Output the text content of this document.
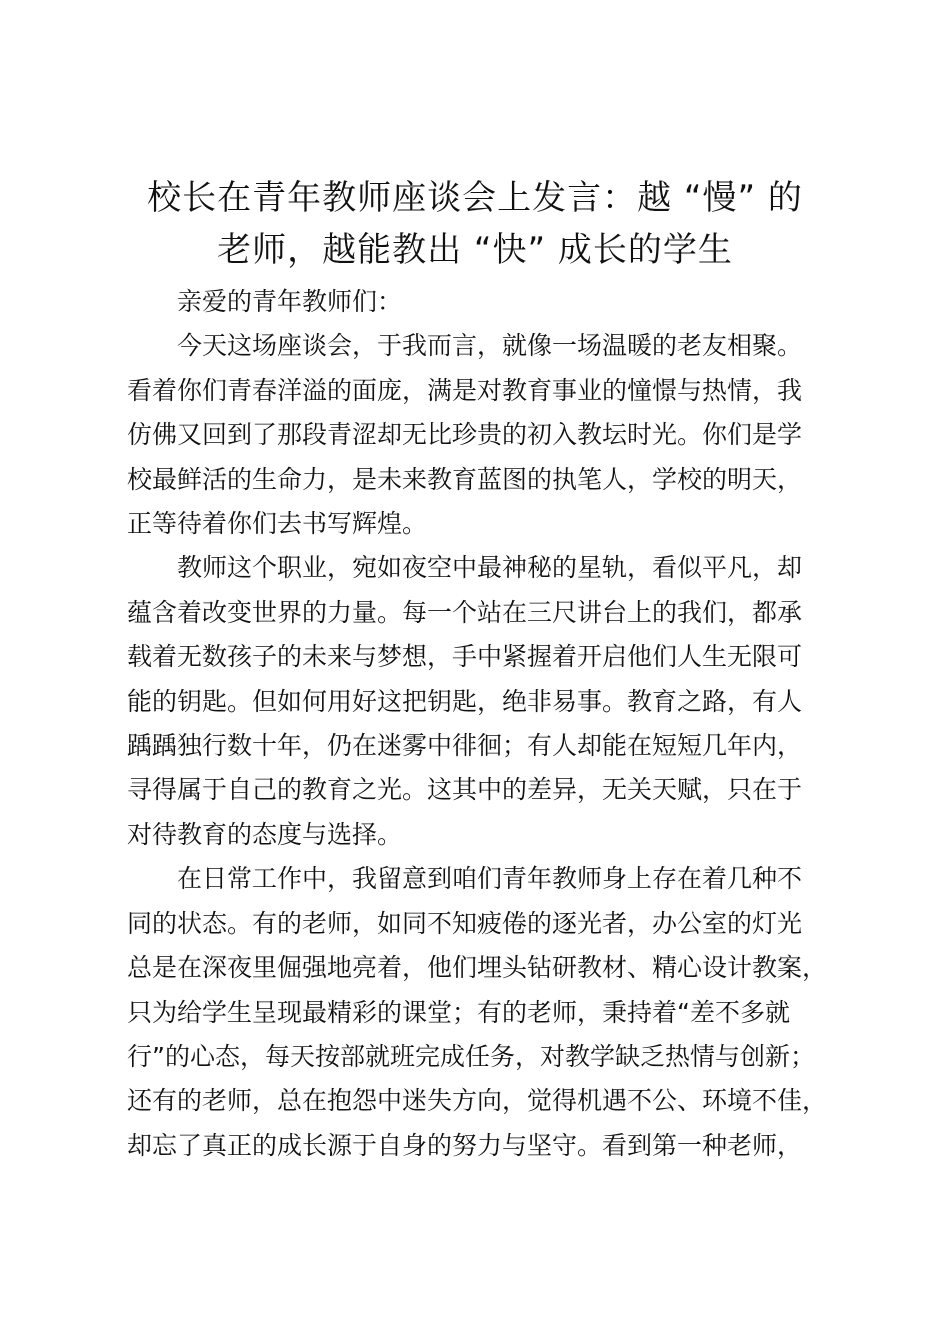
校长在青年教师座谈会上发言：越 “慢” 的
老师，越能教出 “快” 成长的学生

亲爱的青年教师们：

今天这场座谈会，于我而言，就像一场温暖的老友相聚。
看着你们青春洋溢的面庞，满是对教育事业的憧憬与热情，我
仿佛又回到了那段青涩却无比珍贵的初入教坛时光。你们是学
校最鲜活的生命力，是未来教育蓝图的执笔人，学校的明天，
正等待着你们去书写辉煌。

教师这个职业，宛如夜空中最神秘的星轨，看似平凡，却
蕴含着改变世界的力量。每一个站在三尺讲台上的我们，都承
载着无数孩子的未来与梦想，手中紧握着开启他们人生无限可
能的钥匙。但如何用好这把钥匙，绝非易事。教育之路，有人
踽踽独行数十年，仍在迷雾中徘徊；有人却能在短短几年内，
寻得属于自己的教育之光。这其中的差异，无关天赋，只在于
对待教育的态度与选择。

在日常工作中，我留意到咱们青年教师身上存在着几种不
同的状态。有的老师，如同不知疲倦的逐光者，办公室的灯光
总是在深夜里倔强地亮着，他们埋头钻研教材、精心设计教案，
只为给学生呈现最精彩的课堂；有的老师，秉持着“差不多就
行”的心态，每天按部就班完成任务，对教学缺乏热情与创新；
还有的老师，总在抱怨中迷失方向，觉得机遇不公、环境不佳，
却忘了真正的成长源于自身的努力与坚守。看到第一种老师，
